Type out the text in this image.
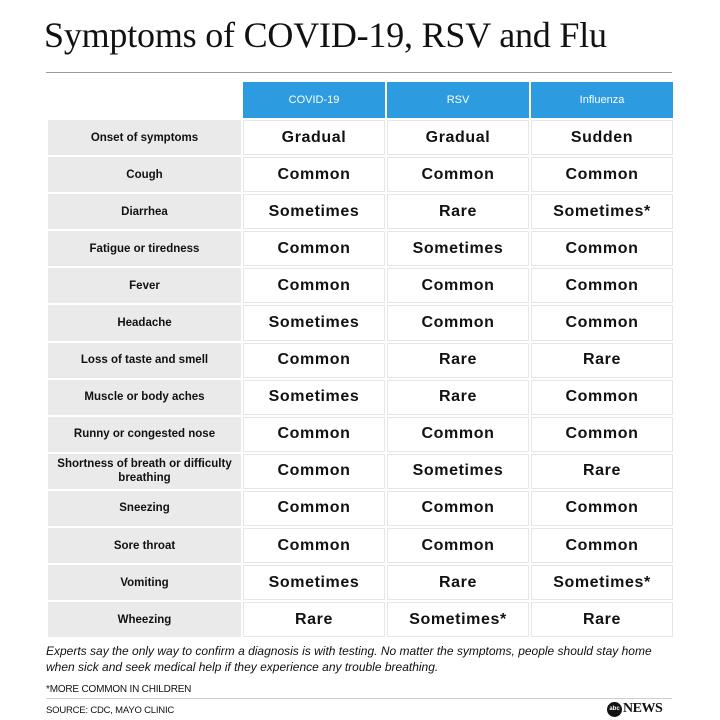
Symptoms of COVID-19, RSV and Flu
	COVID-19	RSV	Influenza
Onset of symptoms	Gradual	Gradual	Sudden
Cough	Common	Common	Common
Diarrhea	Sometimes	Rare	Sometimes*
Fatigue or tiredness	Common	Sometimes	Common
Fever	Common	Common	Common
Headache	Sometimes	Common	Common
Loss of taste and smell	Common	Rare	Rare
Muscle or body aches	Sometimes	Rare	Common
Runny or congested nose	Common	Common	Common
Shortness of breath or difficulty breathing	Common	Sometimes	Rare
Sneezing	Common	Common	Common
Sore throat	Common	Common	Common
Vomiting	Sometimes	Rare	Sometimes*
Wheezing	Rare	Sometimes*	Rare

Experts say the only way to confirm a diagnosis is with testing. No matter the symptoms, people should stay home when sick and seek medical help if they experience any trouble breathing.

*MORE COMMON IN CHILDREN
SOURCE: CDC, MAYO CLINIC	abc NEWS
